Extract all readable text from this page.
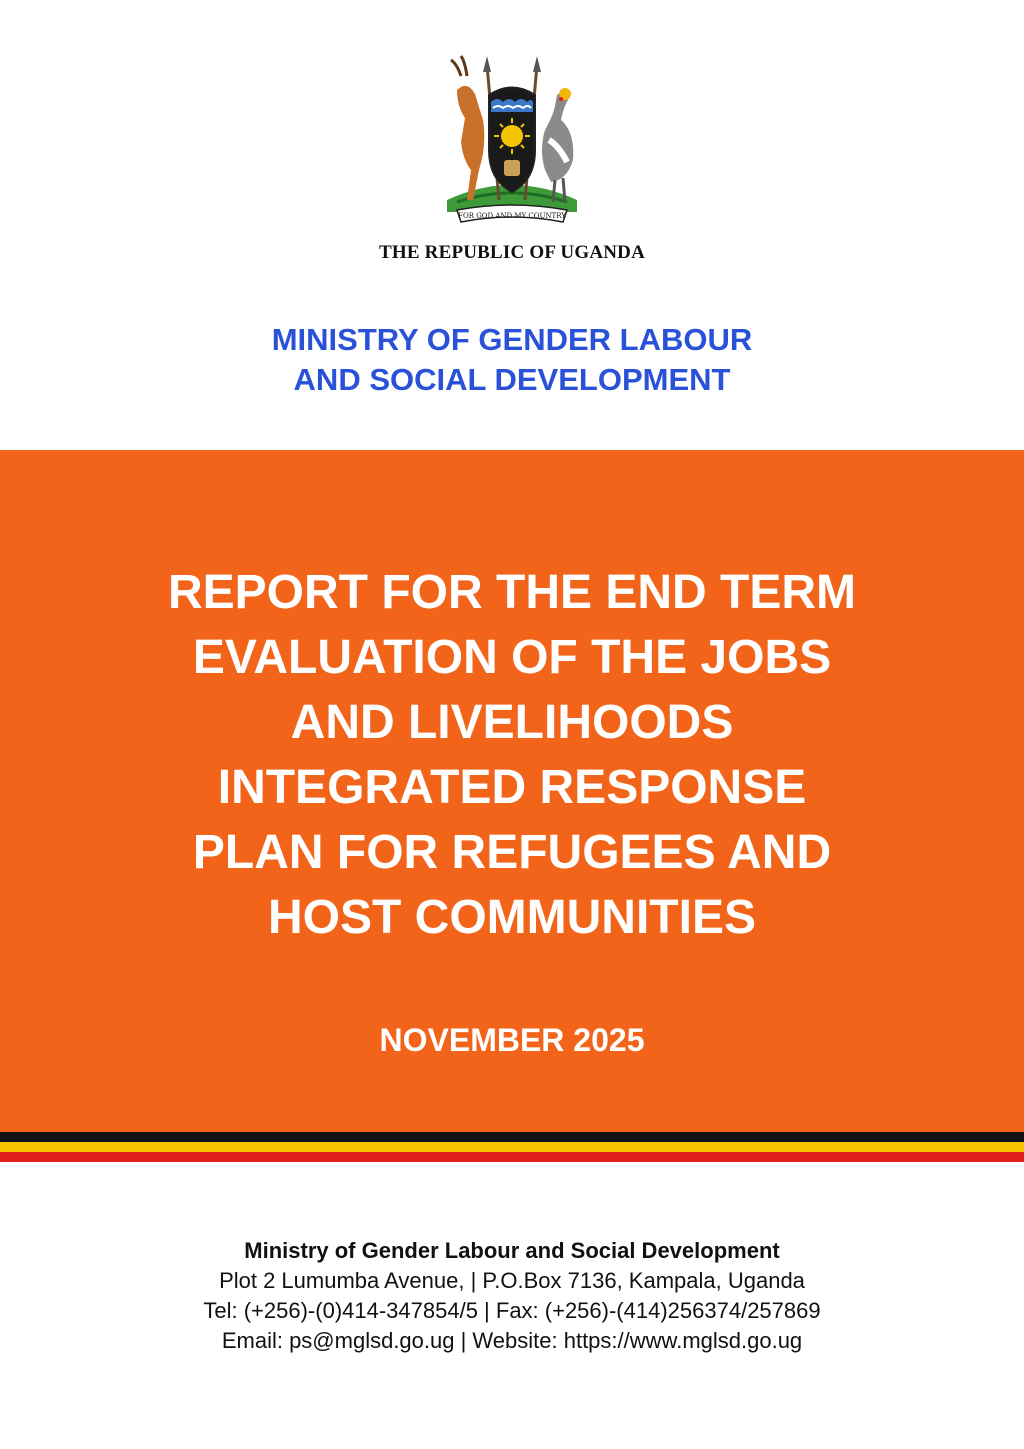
FOR GOD AND MY COUNTRY
THE REPUBLIC OF UGANDA
MINISTRY OF GENDER LABOUR
AND SOCIAL DEVELOPMENT
REPORT FOR THE END TERM
EVALUATION OF THE JOBS
AND LIVELIHOODS
INTEGRATED RESPONSE
PLAN FOR REFUGEES AND
HOST COMMUNITIES
NOVEMBER 2025
Ministry of Gender Labour and Social Development
Plot 2 Lumumba Avenue, | P.O.Box 7136, Kampala, Uganda
Tel: (+256)-(0)414-347854/5 | Fax: (+256)-(414)256374/257869
Email: ps@mglsd.go.ug | Website: https://www.mglsd.go.ug
